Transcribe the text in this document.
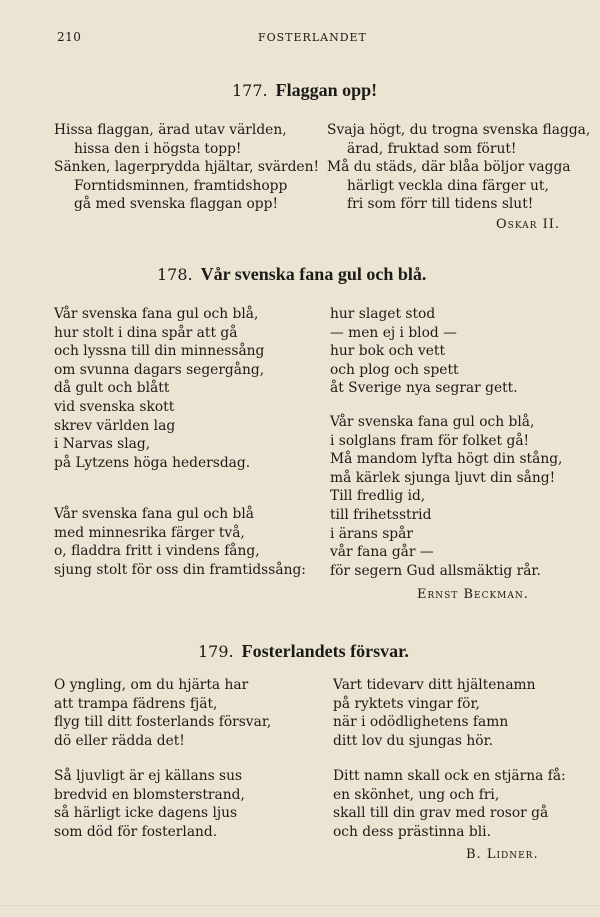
210	FOSTERLANDET
177. Flaggan opp!
Hissa flaggan, ärad utav världen,
hissa den i högsta topp!
Sänken, lagerprydda hjältar, svärden!
Forntidsminnen, framtidshopp
gå med svenska flaggan opp!
Svaja högt, du trogna svenska flagga,
ärad, fruktad som förut!
Må du städs, där blåa böljor vagga
härligt veckla dina färger ut,
fri som förr till tidens slut!
Oskar II.
178. Vår svenska fana gul och blå.
Vår svenska fana gul och blå,
hur stolt i dina spår att gå
och lyssna till din minnessång
om svunna dagars segergång,
då gult och blått
vid svenska skott
skrev världen lag
i Narvas slag,
på Lytzens höga hedersdag.
Vår svenska fana gul och blå
med minnesrika färger två,
o, fladdra fritt i vindens fång,
sjung stolt för oss din framtidssång:
hur slaget stod
— men ej i blod —
hur bok och vett
och plog och spett
åt Sverige nya segrar gett.
Vår svenska fana gul och blå,
i solglans fram för folket gå!
Må mandom lyfta högt din stång,
må kärlek sjunga ljuvt din sång!
Till fredlig id,
till frihetsstrid
i ärans spår
vår fana går —
för segern Gud allsmäktig rår.
Ernst Beckman.
179. Fosterlandets försvar.
O yngling, om du hjärta har
att trampa fädrens fjät,
flyg till ditt fosterlands försvar,
dö eller rädda det!
Så ljuvligt är ej källans sus
bredvid en blomsterstrand,
så härligt icke dagens ljus
som död för fosterland.
Vart tidevarv ditt hjältenamn
på ryktets vingar för,
när i odödlighetens famn
ditt lov du sjungas hör.
Ditt namn skall ock en stjärna få:
en skönhet, ung och fri,
skall till din grav med rosor gå
och dess prästinna bli.
B. Lidner.
